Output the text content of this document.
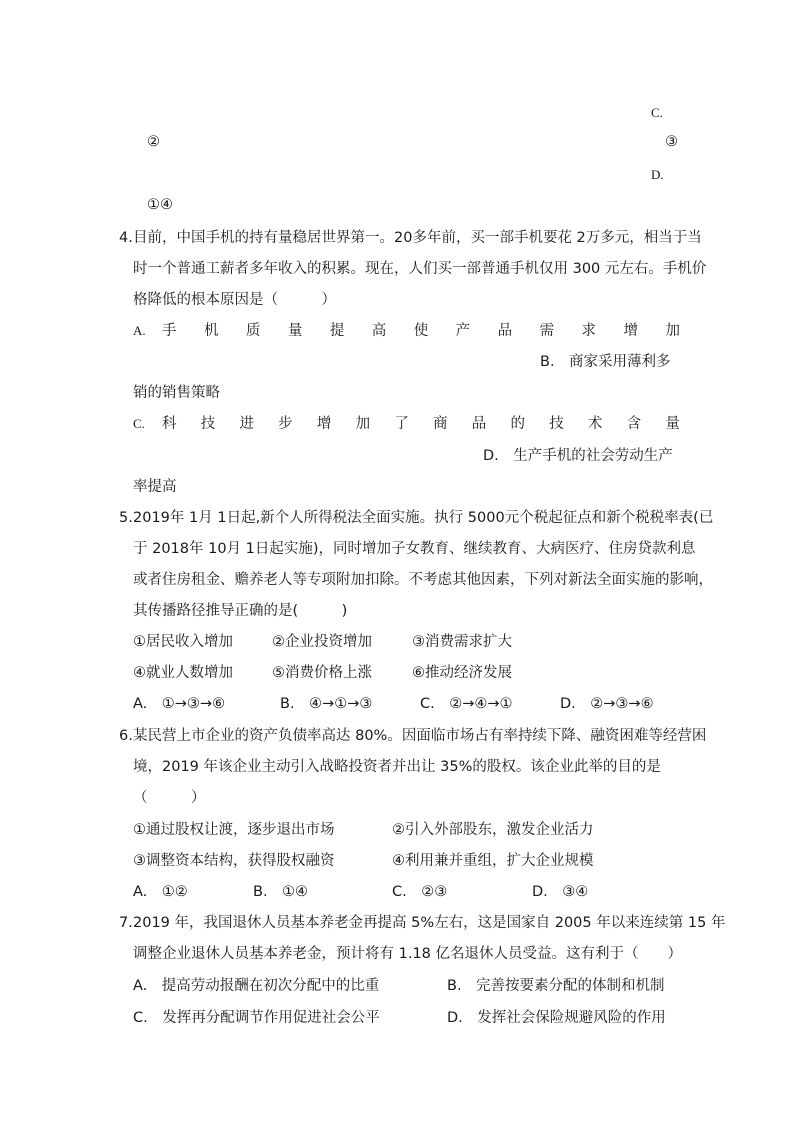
C.
②	③
D.
①④
4. 目前，中国手机的持有量稳居世界第一。20多年前，买一部手机要花 2万多元，相当于当
时一个普通工薪者多年收入的积累。现在，人们买一部普通手机仅用 300 元左右。手机价
格降低的根本原因是（　　　）
A. 手 机 质 量 提 高 使 产 品 需 求 增 加
B.　商家采用薄利多
销的销售策略
C. 科 技 进 步 增 加 了 商 品 的 技 术 含 量
D.　生产手机的社会劳动生产
率提高
5. 2019年 1月 1日起,新个人所得税法全面实施。执行 5000元个税起征点和新个税税率表(已
于 2018年 10月 1日起实施)，同时增加子女教育、继续教育、大病医疗、住房贷款利息
或者住房租金、赡养老人等专项附加扣除。不考虑其他因素，下列对新法全面实施的影响，
其传播路径推导正确的是(　　　)
①居民收入增加	②企业投资增加	③消费需求扩大
④就业人数增加	⑤消费价格上涨	⑥推动经济发展
A.　①→③→⑥	B.　④→①→③	C.　②→④→①	D.　②→③→⑥
6. 某民营上市企业的资产负债率高达 80%。因面临市场占有率持续下降、融资困难等经营困
境，2019 年该企业主动引入战略投资者并出让 35%的股权。该企业此举的目的是
（　　　）
①通过股权让渡，逐步退出市场	②引入外部股东，激发企业活力
③调整资本结构，获得股权融资	④利用兼并重组，扩大企业规模
A.　①②	B.　①④	C.　②③	D.　③④
7. 2019 年，我国退休人员基本养老金再提高 5%左右，这是国家自 2005 年以来连续第 15 年
调整企业退休人员基本养老金，预计将有 1.18 亿名退休人员受益。这有利于（　　）
A.　提高劳动报酬在初次分配中的比重	B.　完善按要素分配的体制和机制
C.　发挥再分配调节作用促进社会公平	D.　发挥社会保险规避风险的作用
